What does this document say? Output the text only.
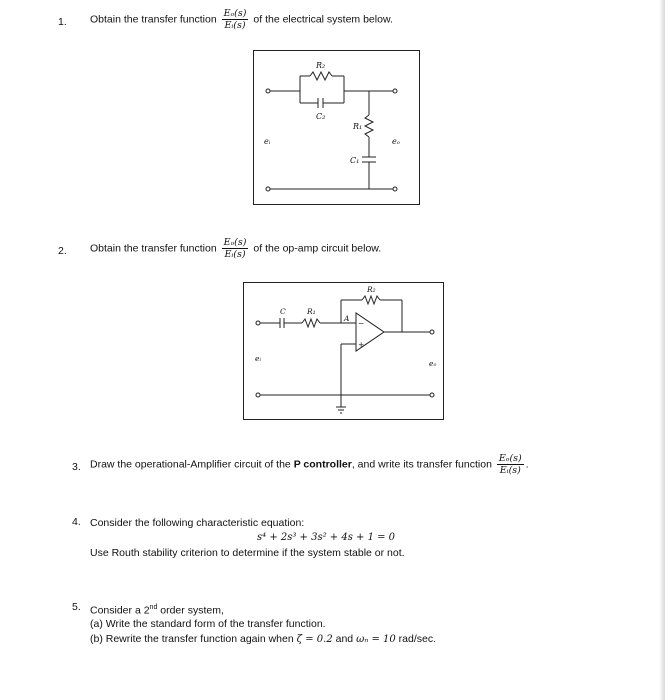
1. Obtain the transfer function $\frac{\text{Eₒ(s)}}{\text{Eᵢ(s)}}$ of the electrical system below.
R₂
C₂
R₁
C₁
eᵢ	eₒ
2. Obtain the transfer function $\frac{\text{Eₒ(s)}}{\text{Eᵢ(s)}}$ of the op-amp circuit below.
R₂
C	R₁
A
−
+
eᵢ
eₒ
3. Draw the operational-Amplifier circuit of the P controller, and write its transfer function $\frac{\text{Eₒ(s)}}{\text{Eᵢ(s)}}$ .
4. Consider the following characteristic equation:
s⁴ + 2s³ + 3s² + 4s + 1 = 0
Use Routh stability criterion to determine if the system stable or not.
5. Consider a 2nd order system,
(a) Write the standard form of the transfer function.
(b) Rewrite the transfer function again when ζ = 0.2 and ωₙ = 10 rad/sec.
